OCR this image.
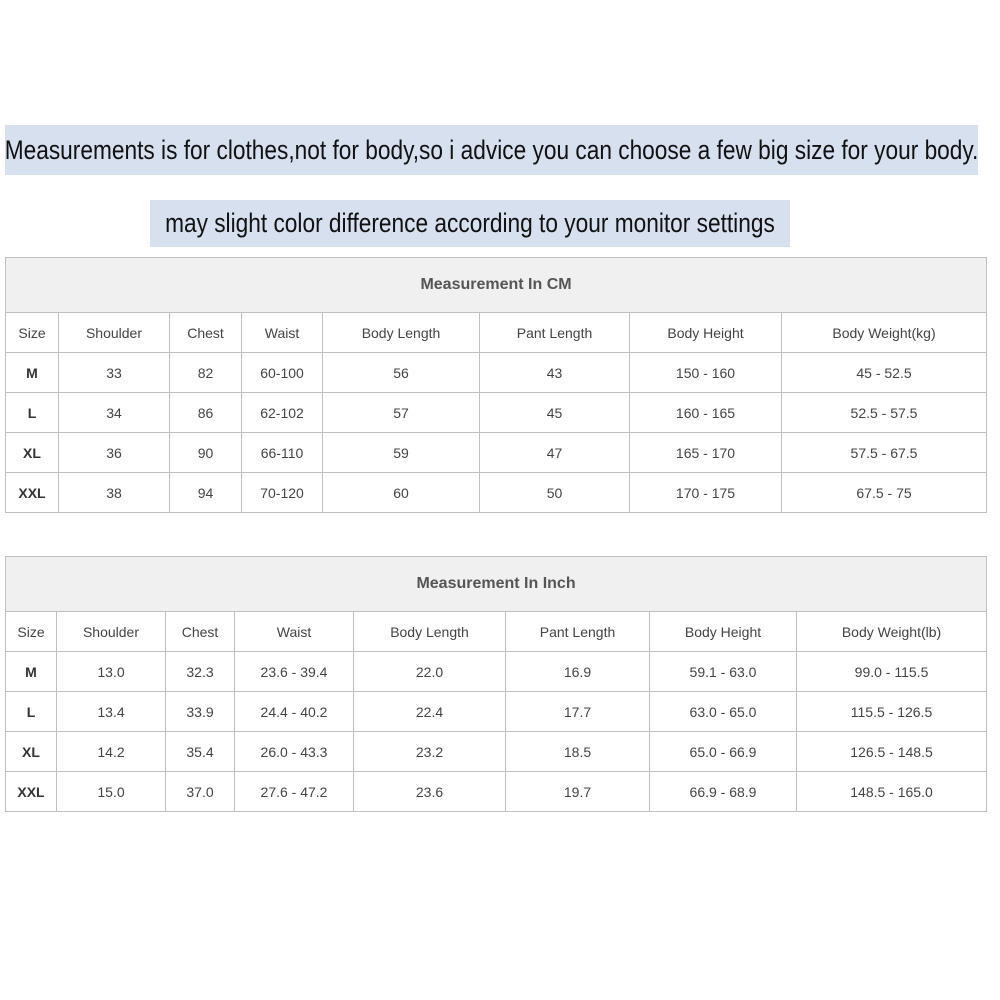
Measurements is for clothes,not for body,so i advice you can choose a few big size for your body.
may slight color difference according to your monitor settings
Measurement In CM							
Size	Shoulder	Chest	Waist	Body Length	Pant Length	Body Height	Body Weight(kg)
M	33	82	60-100	56	43	150 - 160	45 - 52.5
L	34	86	62-102	57	45	160 - 165	52.5 - 57.5
XL	36	90	66-110	59	47	165 - 170	57.5 - 67.5
XXL	38	94	70-120	60	50	170 - 175	67.5 - 75
Measurement In Inch							
Size	Shoulder	Chest	Waist	Body Length	Pant Length	Body Height	Body Weight(lb)
M	13.0	32.3	23.6 - 39.4	22.0	16.9	59.1 - 63.0	99.0 - 115.5
L	13.4	33.9	24.4 - 40.2	22.4	17.7	63.0 - 65.0	115.5 - 126.5
XL	14.2	35.4	26.0 - 43.3	23.2	18.5	65.0 - 66.9	126.5 - 148.5
XXL	15.0	37.0	27.6 - 47.2	23.6	19.7	66.9 - 68.9	148.5 - 165.0
